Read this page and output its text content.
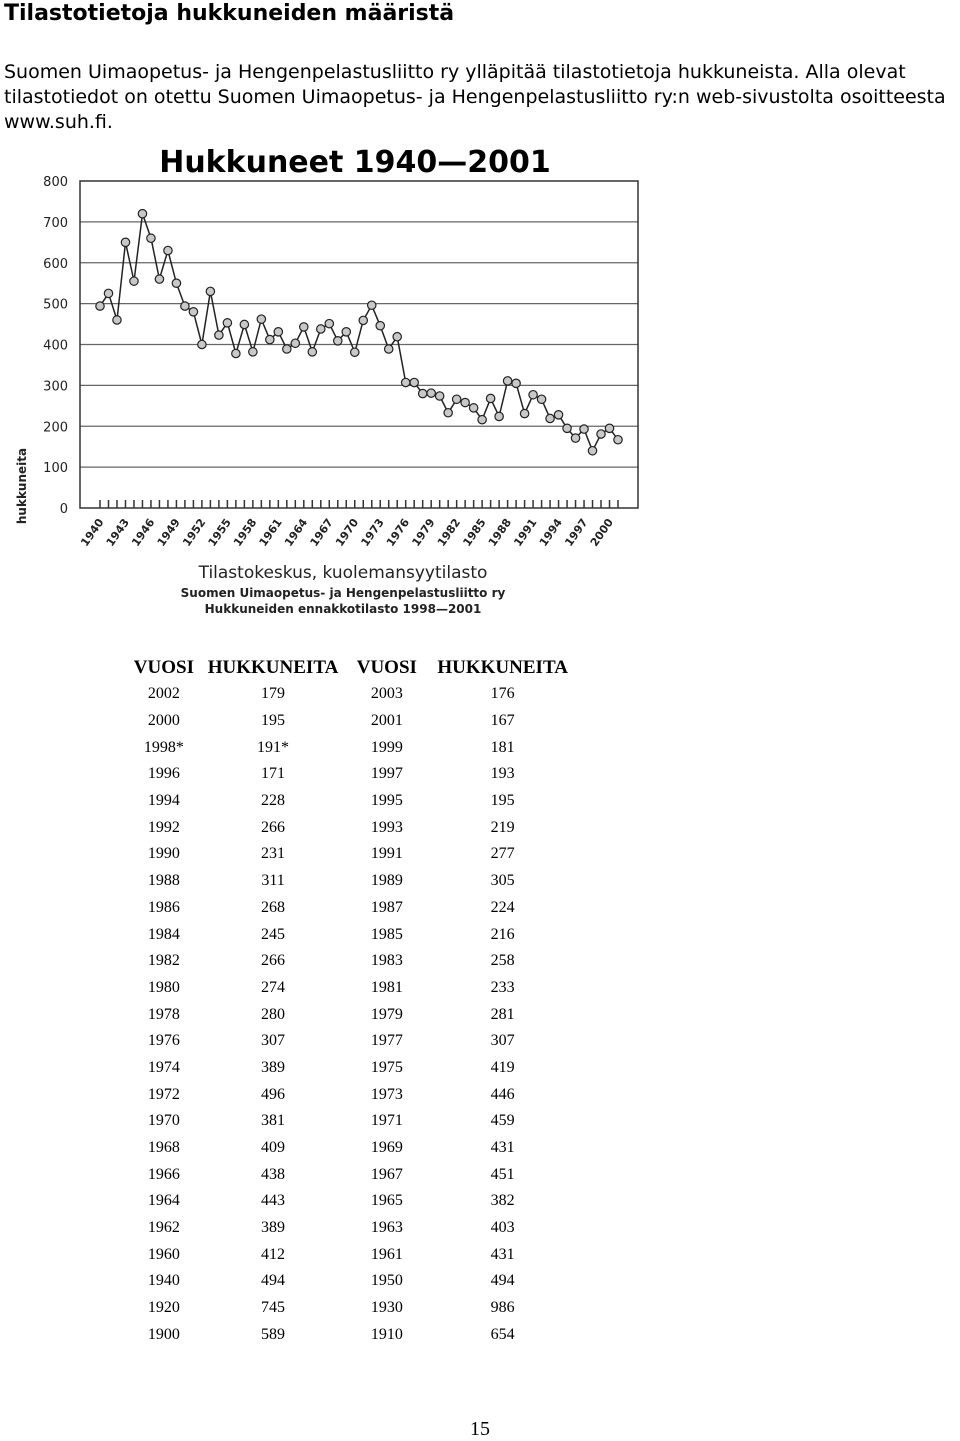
Tilastotietoja hukkuneiden määristä
Suomen Uimaopetus- ja Hengenpelastusliitto ry ylläpitää tilastotietoja hukkuneista. Alla olevat tilastotiedot on otettu Suomen Uimaopetus- ja Hengenpelastusliitto ry:n web-sivustolta osoitteesta www.suh.fi.
Hukkuneet 1940—2001
0
100
200
300
400
500
600
700
800
1940
1943
1946
1949
1952
1955
1958
1961
1964
1967
1970
1973
1976
1979
1982
1985
1988
1991
1994
1997
2000
hukkuneita
Tilastokeskus, kuolemansyytilasto
Suomen Uimaopetus- ja Hengenpelastusliitto ry
Hukkuneiden ennakkotilasto 1998—2001
VUOSI	HUKKUNEITA	VUOSI	HUKKUNEITA
2002	179	2003	176
2000	195	2001	167
1998*	191*	1999	181
1996	171	1997	193
1994	228	1995	195
1992	266	1993	219
1990	231	1991	277
1988	311	1989	305
1986	268	1987	224
1984	245	1985	216
1982	266	1983	258
1980	274	1981	233
1978	280	1979	281
1976	307	1977	307
1974	389	1975	419
1972	496	1973	446
1970	381	1971	459
1968	409	1969	431
1966	438	1967	451
1964	443	1965	382
1962	389	1963	403
1960	412	1961	431
1940	494	1950	494
1920	745	1930	986
1900	589	1910	654
15
